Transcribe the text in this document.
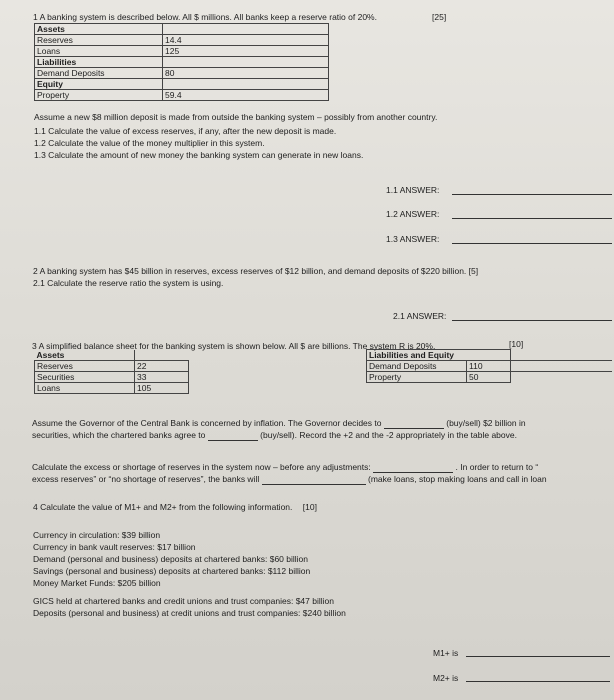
1 A banking system is described below. All $ millions. All banks keep a reserve ratio of 20%.	[25]
Assets	
Reserves	14.4
Loans	125
Liabilities	
Demand Deposits	80
Equity	
Property	59.4
Assume a new $8 million deposit is made from outside the banking system – possibly from another country.
1.1 Calculate the value of excess reserves, if any, after the new deposit is made.
1.2 Calculate the value of the money multiplier in this system.
1.3 Calculate the amount of new money the banking system can generate in new loans.
1.1 ANSWER:
1.2 ANSWER:
1.3 ANSWER:
2 A banking system has $45 billion in reserves, excess reserves of $12 billion, and demand deposits of $220 billion. [5]
2.1 Calculate the reserve ratio the system is using.
2.1 ANSWER:
3 A simplified balance sheet for the banking system is shown below. All $ are billions. The system R is 20%.	[10]
Assets			Liabilities and Equity		
Reserves	22		Demand Deposits	110	
Securities	33		Property	50	
Loans	105				
Assume the Governor of the Central Bank is concerned by inflation. The Governor decides to	(buy/sell) $2 billion in
securities, which the chartered banks agree to	(buy/sell). Record the +2 and the -2 appropriately in the table above.
Calculate the excess or shortage of reserves in the system now – before any adjustments:	. In order to return to “
excess reserves” or “no shortage of reserves”, the banks will	(make loans, stop making loans and call in loan
4 Calculate the value of M1+ and M2+ from the following information. [10]
Currency in circulation: $39 billion
Currency in bank vault reserves: $17 billion
Demand (personal and business) deposits at chartered banks: $60 billion
Savings (personal and business) deposits at chartered banks: $112 billion
Money Market Funds: $205 billion
GICS held at chartered banks and credit unions and trust companies: $47 billion
Deposits (personal and business) at credit unions and trust companies: $240 billion
M1+ is
M2+ is
